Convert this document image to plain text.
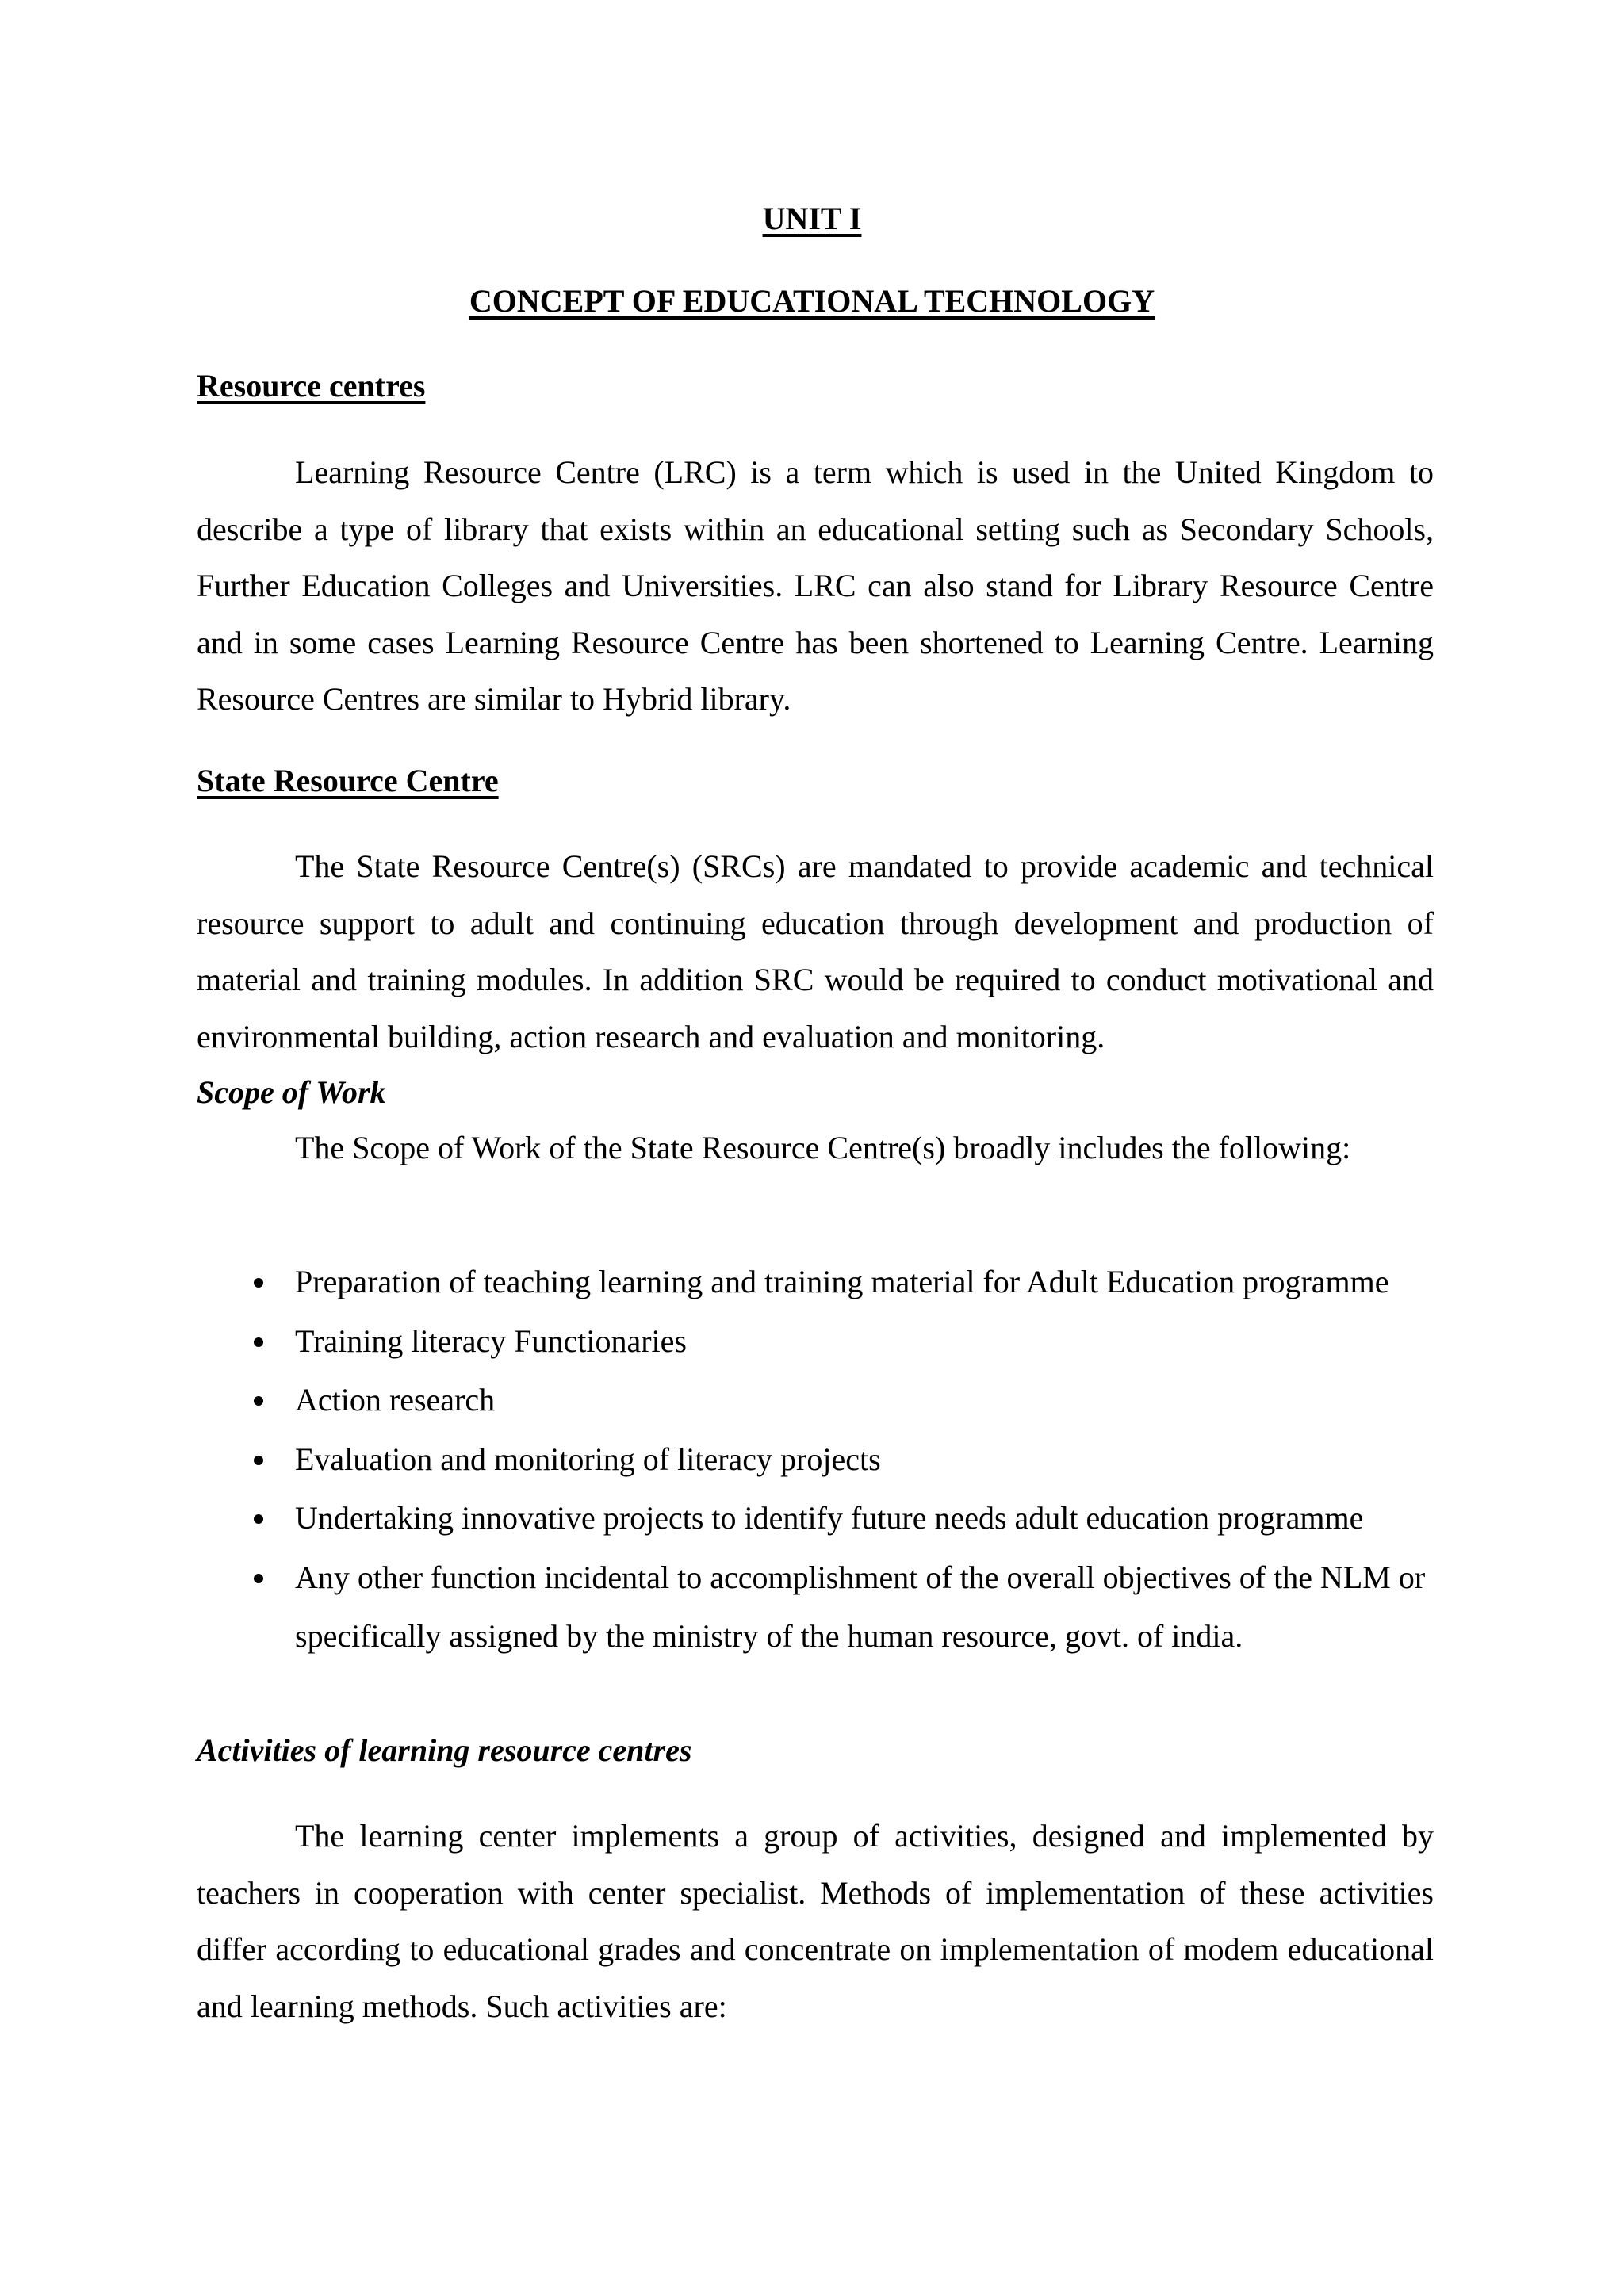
UNIT I
CONCEPT OF EDUCATIONAL TECHNOLOGY
Resource centres

Learning Resource Centre (LRC) is a term which is used in the United Kingdom to describe a type of library that exists within an educational setting such as Secondary Schools, Further Education Colleges and Universities. LRC can also stand for Library Resource Centre and in some cases Learning Resource Centre has been shortened to Learning Centre. Learning Resource Centres are similar to Hybrid library.

State Resource Centre

The State Resource Centre(s) (SRCs) are mandated to provide academic and technical resource support to adult and continuing education through development and production of material and training modules. In addition SRC would be required to conduct motivational and environmental building, action research and evaluation and monitoring.

Scope of Work
The Scope of Work of the State Resource Centre(s) broadly includes the following:
Preparation of teaching learning and training material for Adult Education programme
Training literacy Functionaries
Action research
Evaluation and monitoring of literacy projects
Undertaking innovative projects to identify future needs adult education programme
Any other function incidental to accomplishment of the overall objectives of the NLM or specifically assigned by the ministry of the human resource, govt. of india.
Activities of learning resource centres

The learning center implements a group of activities, designed and implemented by teachers in cooperation with center specialist. Methods of implementation of these activities differ according to educational grades and concentrate on implementation of modem educational and learning methods. Such activities are:
